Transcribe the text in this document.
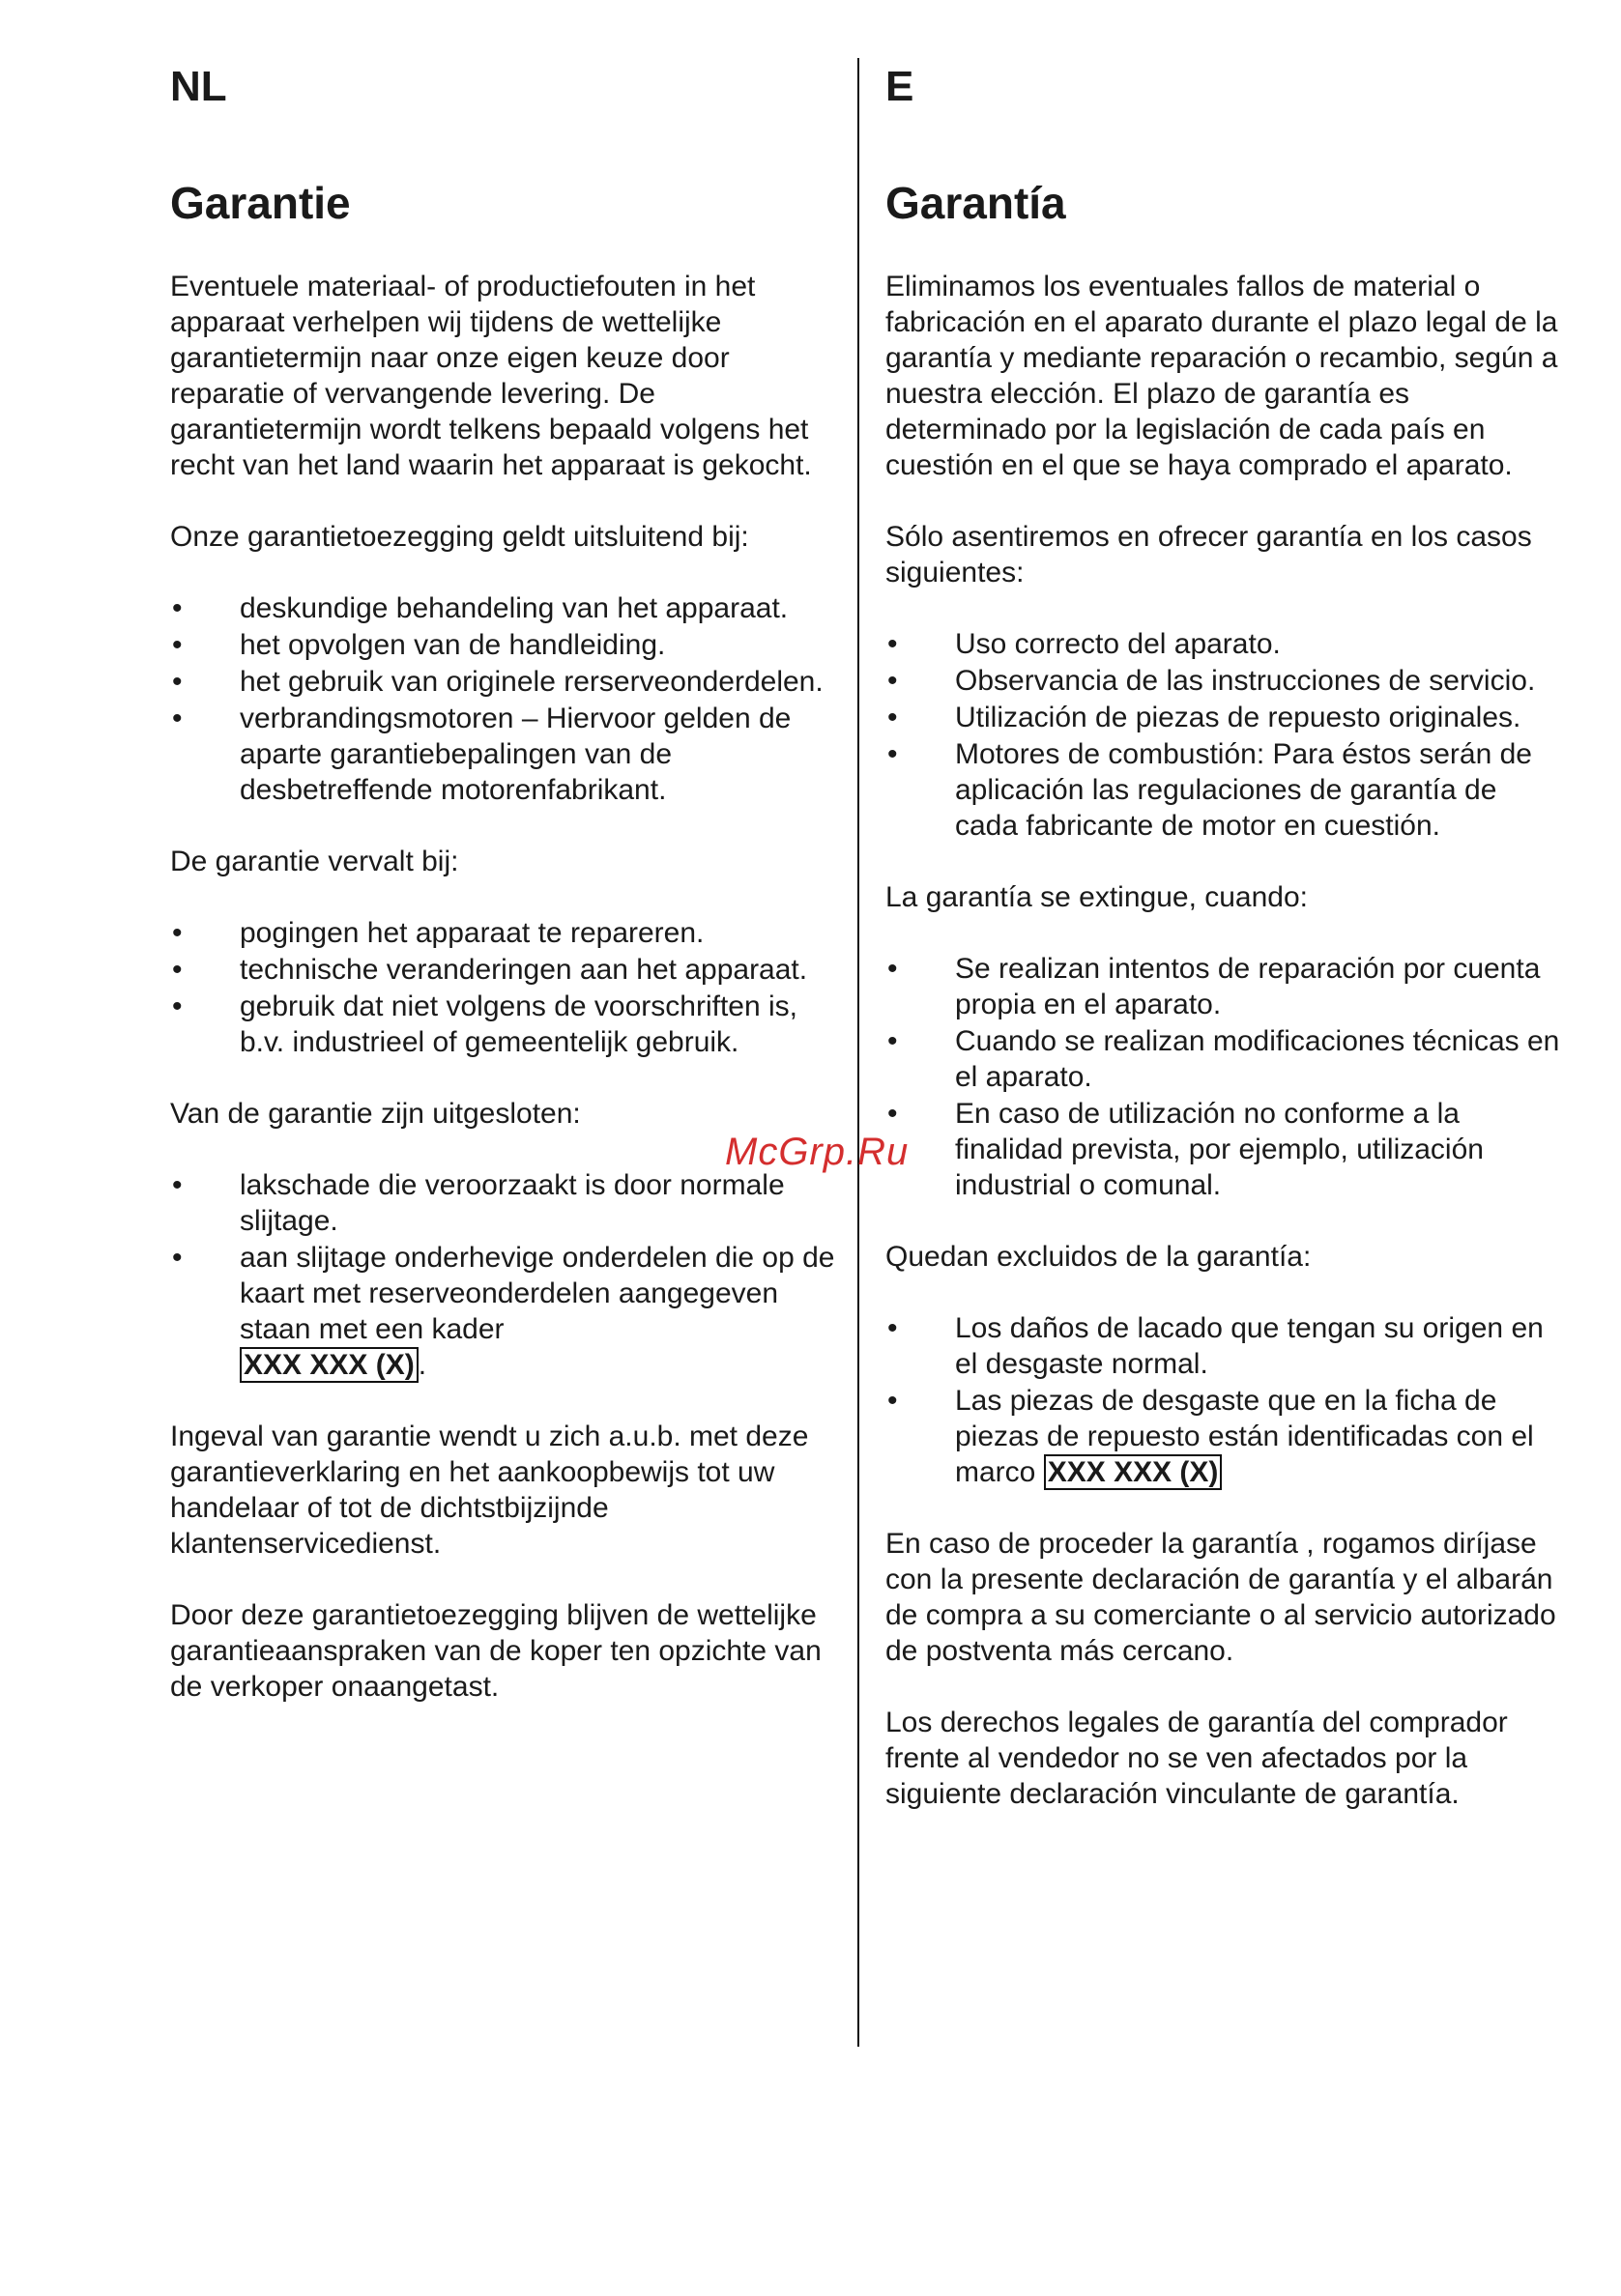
NL

Garantie

Eventuele materiaal- of productiefouten in het apparaat verhelpen wij tijdens de wettelijke garantietermijn naar onze eigen keuze door reparatie of vervangende levering. De garantietermijn wordt telkens bepaald volgens het recht van het land waarin het apparaat is gekocht.

Onze garantietoezegging geldt uitsluitend bij:

• deskundige behandeling van het apparaat.
• het opvolgen van de handleiding.
• het gebruik van originele rerserveonderdelen.
• verbrandingsmotoren – Hiervoor gelden de aparte garantiebepalingen van de desbetreffende motorenfabrikant.

De garantie vervalt bij:

• pogingen het apparaat te repareren.
• technische veranderingen aan het apparaat.
• gebruik dat niet volgens de voorschriften is, b.v. industrieel of gemeentelijk gebruik.

Van de garantie zijn uitgesloten:

• lakschade die veroorzaakt is door normale slijtage.
• aan slijtage onderhevige onderdelen die op de kaart met reserveonderdelen aangegeven staan met een kader
XXX XXX (X) .

Ingeval van garantie wendt u zich a.u.b. met deze garantieverklaring en het aankoopbewijs tot uw handelaar of tot de dichtstbijzijnde klantenservicedienst.

Door deze garantietoezegging blijven de wettelijke garantieaanspraken van de koper ten opzichte van de verkoper onaangetast.

E

Garantía

Eliminamos los eventuales fallos de material o fabricación en el aparato durante el plazo legal de la garantía y mediante reparación o recambio, según a nuestra elección. El plazo de garantía es determinado por la legislación de cada país en cuestión en el que se haya comprado el aparato.

Sólo asentiremos en ofrecer garantía en los casos siguientes:

• Uso correcto del aparato.
• Observancia de las instrucciones de servicio.
• Utilización de piezas de repuesto originales.
• Motores de combustión: Para éstos serán de aplicación las regulaciones de garantía de cada fabricante de motor en cuestión.

La garantía se extingue, cuando:

• Se realizan intentos de reparación por cuenta propia en el aparato.
• Cuando se realizan modificaciones técnicas en el aparato.
• En caso de utilización no conforme a la finalidad prevista, por ejemplo, utilización industrial o comunal.

Quedan excluidos de la garantía:

• Los daños de lacado que tengan su origen en el desgaste normal.
• Las piezas de desgaste que en la ficha de piezas de repuesto están identificadas con el marco XXX XXX (X)

En caso de proceder la garantía , rogamos diríjase con la presente declaración de garantía y el albarán de compra a su comerciante o al servicio autorizado de postventa más cercano.

Los derechos legales de garantía del comprador frente al vendedor no se ven afectados por la siguiente declaración vinculante de garantía.

McGrp.Ru
